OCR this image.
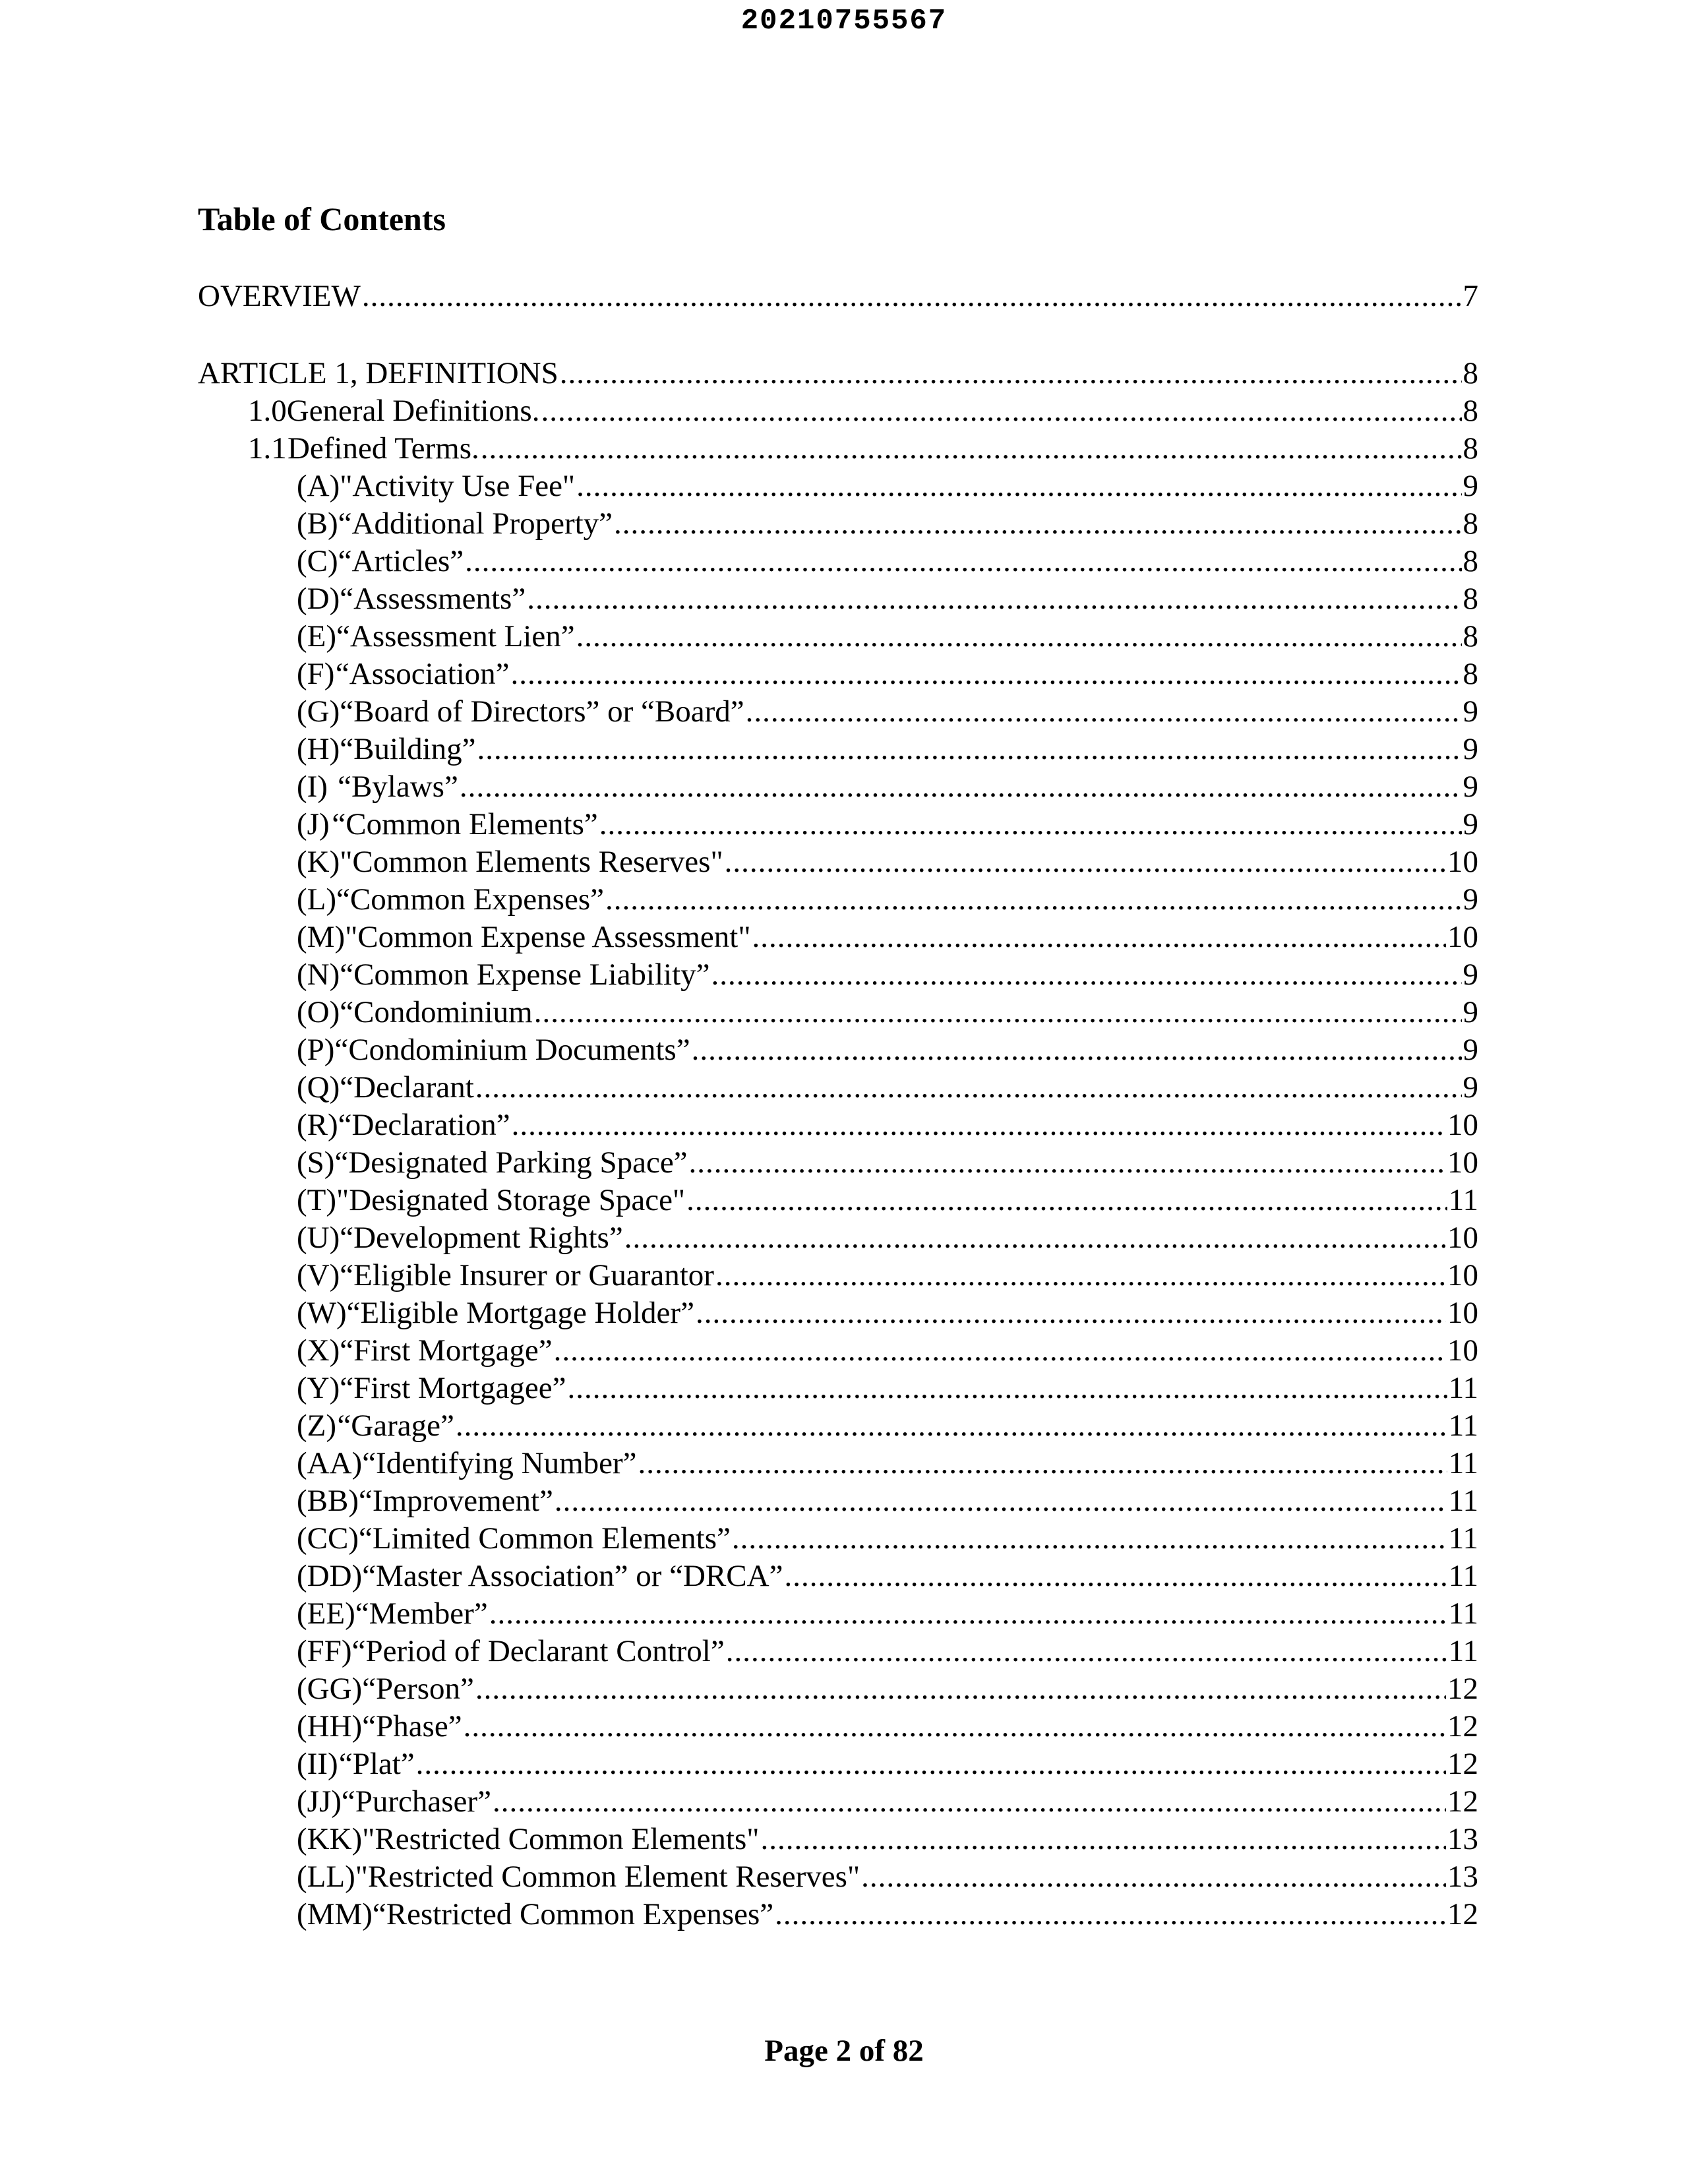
20210755567
Table of Contents
OVERVIEW .....	7
ARTICLE 1, DEFINITIONS .....	8
1.0 General Definitions. .....	8
1.1 Defined Terms. .....	8
(A) "Activity Use Fee" .....	9
(B) “Additional Property” .....	8
(C) “Articles” .....	8
(D) “Assessments” .....	8
(E) “Assessment Lien” .....	8
(F) “Association” .....	8
(G) “Board of Directors” or “Board” .....	9
(H) “Building” .....	9
(I) “Bylaws” .....	9
(J) “Common Elements” .....	9
(K) "Common Elements Reserves" .....	10
(L) “Common Expenses” .....	9
(M) "Common Expense Assessment" .....	10
(N) “Common Expense Liability” .....	9
(O) “Condominium .....	9
(P) “Condominium Documents” .....	9
(Q) “Declarant .....	9
(R) “Declaration” .....	10
(S) “Designated Parking Space” .....	10
(T) "Designated Storage Space" .....	11
(U) “Development Rights” .....	10
(V) “Eligible Insurer or Guarantor .....	10
(W) “Eligible Mortgage Holder” .....	10
(X) “First Mortgage” .....	10
(Y) “First Mortgagee” .....	11
(Z) “Garage” .....	11
(AA) “Identifying Number” .....	11
(BB) “Improvement” .....	11
(CC) “Limited Common Elements” .....	11
(DD) “Master Association” or “DRCA” .....	11
(EE) “Member” .....	11
(FF) “Period of Declarant Control” .....	11
(GG) “Person” .....	12
(HH) “Phase” .....	12
(II) “Plat” .....	12
(JJ) “Purchaser” .....	12
(KK) "Restricted Common Elements" .....	13
(LL) "Restricted Common Element Reserves" .....	13
(MM) “Restricted Common Expenses” .....	12
Page 2 of 82
